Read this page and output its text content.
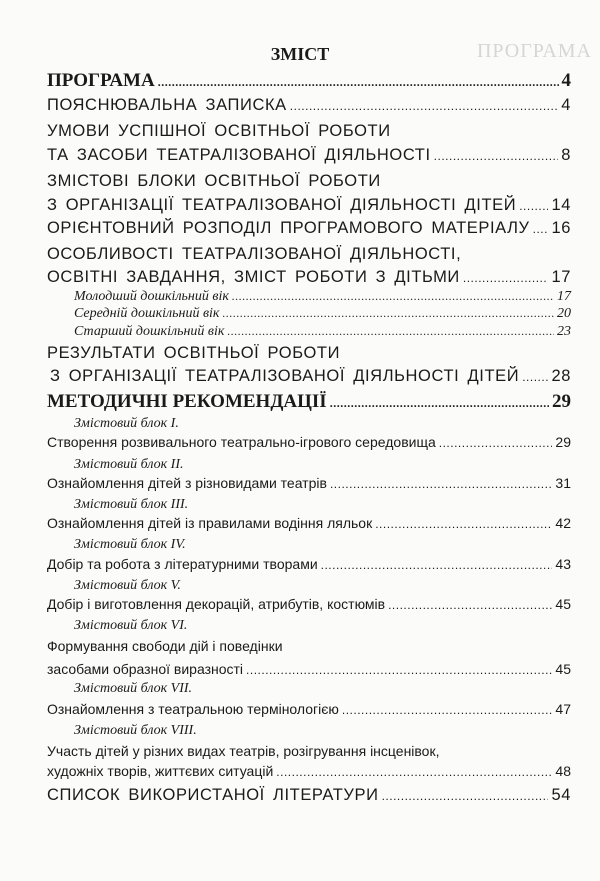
ПРОГРАМА
ЗМІСТ
ПРОГРАМА .....	4
ПОЯСНЮВАЛЬНА ЗАПИСКА .....	4
УМОВИ УСПІШНОЇ ОСВІТНЬОЇ РОБОТИ
ТА ЗАСОБИ ТЕАТРАЛІЗОВАНОЇ ДІЯЛЬНОСТІ .....	8
ЗМІСТОВІ БЛОКИ ОСВІТНЬОЇ РОБОТИ
З ОРГАНІЗАЦІЇ ТЕАТРАЛІЗОВАНОЇ ДІЯЛЬНОСТІ ДІТЕЙ ..... 14
ОРІЄНТОВНИЙ РОЗПОДІЛ ПРОГРАМОВОГО МАТЕРІАЛУ ..... 16
ОСОБЛИВОСТІ ТЕАТРАЛІЗОВАНОЇ ДІЯЛЬНОСТІ,
ОСВІТНІ ЗАВДАННЯ, ЗМІСТ РОБОТИ З ДІТЬМИ .....	17
Молодший дошкільний вік .....	17
Середній дошкільний вік .....	20
Старший дошкільний вік .....	23
РЕЗУЛЬТАТИ ОСВІТНЬОЇ РОБОТИ
З ОРГАНІЗАЦІЇ ТЕАТРАЛІЗОВАНОЇ ДІЯЛЬНОСТІ ДІТЕЙ ..... 28
МЕТОДИЧНІ РЕКОМЕНДАЦІЇ .....	29
Змістовий блок I.
Створення розвивального театрально-ігрового середовища .....	29
Змістовий блок II.
Ознайомлення дітей з різновидами театрів .....	31
Змістовий блок III.
Ознайомлення дітей із правилами водіння ляльок .....	42
Змістовий блок IV.
Добір та робота з літературними творами .....	43
Змістовий блок V.
Добір і виготовлення декорацій, атрибутів, костюмів .....	45
Змістовий блок VI.
Формування свободи дій і поведінки
засобами образної виразності .....	45
Змістовий блок VII.
Ознайомлення з театральною термінологією .....	47
Змістовий блок VIII.
Участь дітей у різних видах театрів, розігрування інсценівок,
художніх творів, життєвих ситуацій .....	48
СПИСОК ВИКОРИСТАНОЇ ЛІТЕРАТУРИ .....	54
